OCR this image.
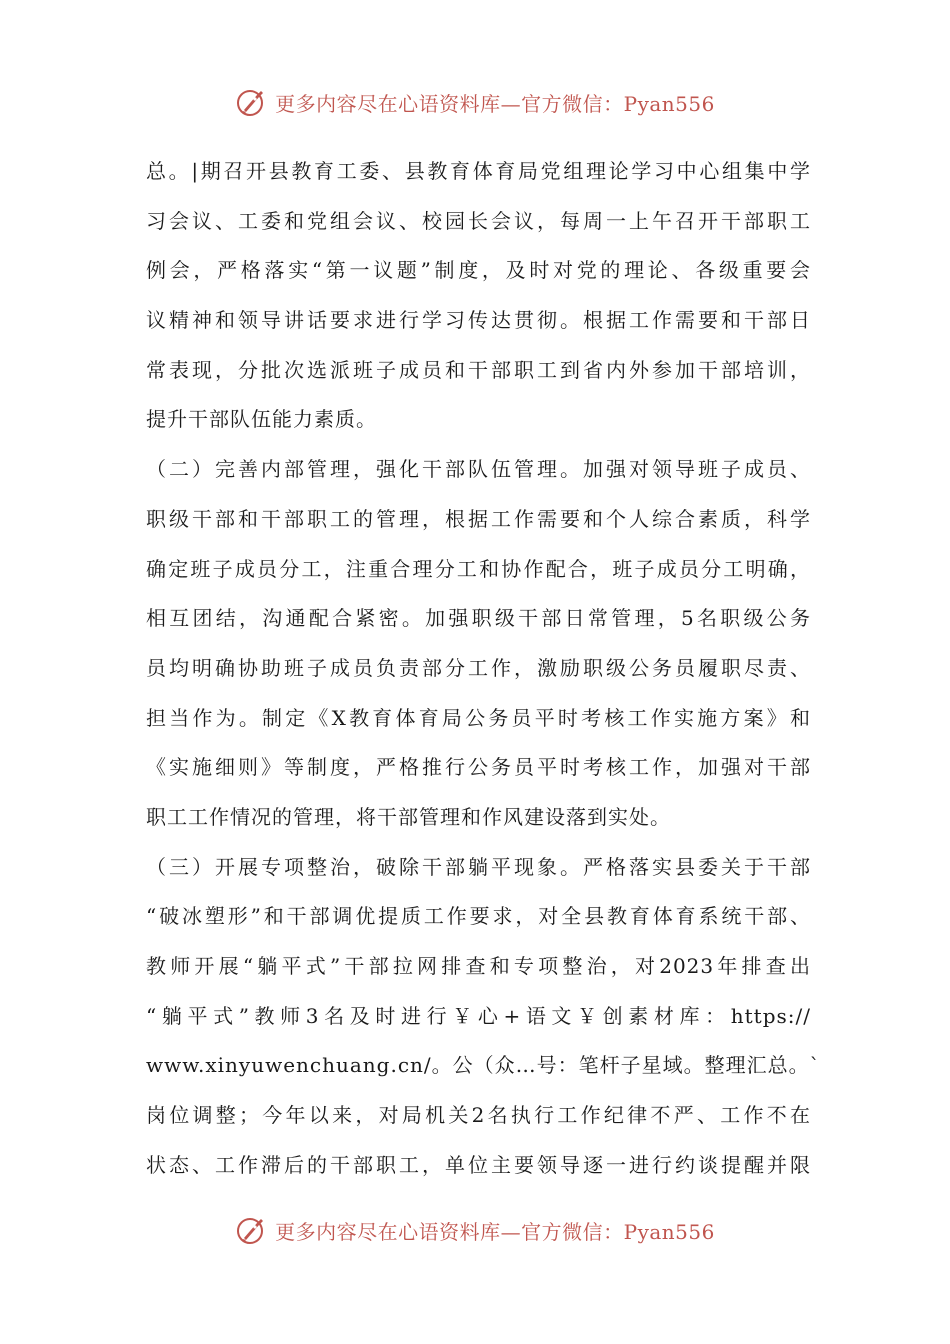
更多内容尽在心语资料库—官方微信：Pyan556
总。|期召开县教育工委、县教育体育局党组理论学习中心组集中学
习会议、工委和党组会议、校园长会议，每周一上午召开干部职工
例会，严格落实“第一议题”制度，及时对党的理论、各级重要会
议精神和领导讲话要求进行学习传达贯彻。根据工作需要和干部日
常表现，分批次选派班子成员和干部职工到省内外参加干部培训，
提升干部队伍能力素质。
（二）完善内部管理，强化干部队伍管理。加强对领导班子成员、
职级干部和干部职工的管理，根据工作需要和个人综合素质，科学
确定班子成员分工，注重合理分工和协作配合，班子成员分工明确，
相互团结，沟通配合紧密。加强职级干部日常管理，5名职级公务
员均明确协助班子成员负责部分工作，激励职级公务员履职尽责、
担当作为。制定《X教育体育局公务员平时考核工作实施方案》和
《实施细则》等制度，严格推行公务员平时考核工作，加强对干部
职工工作情况的管理，将干部管理和作风建设落到实处。
（三）开展专项整治，破除干部躺平现象。严格落实县委关于干部
“破冰塑形”和干部调优提质工作要求，对全县教育体育系统干部、
教师开展“躺平式”干部拉网排查和专项整治，对2023年排查出
“躺平式”教师3名及时进行￥心+语文￥创素材库：https://
www.xinyuwenchuang.cn/。公（众…号：笔杆子星域。整理汇总。`
岗位调整；今年以来，对局机关2名执行工作纪律不严、工作不在
状态、工作滞后的干部职工，单位主要领导逐一进行约谈提醒并限
更多内容尽在心语资料库—官方微信：Pyan556
